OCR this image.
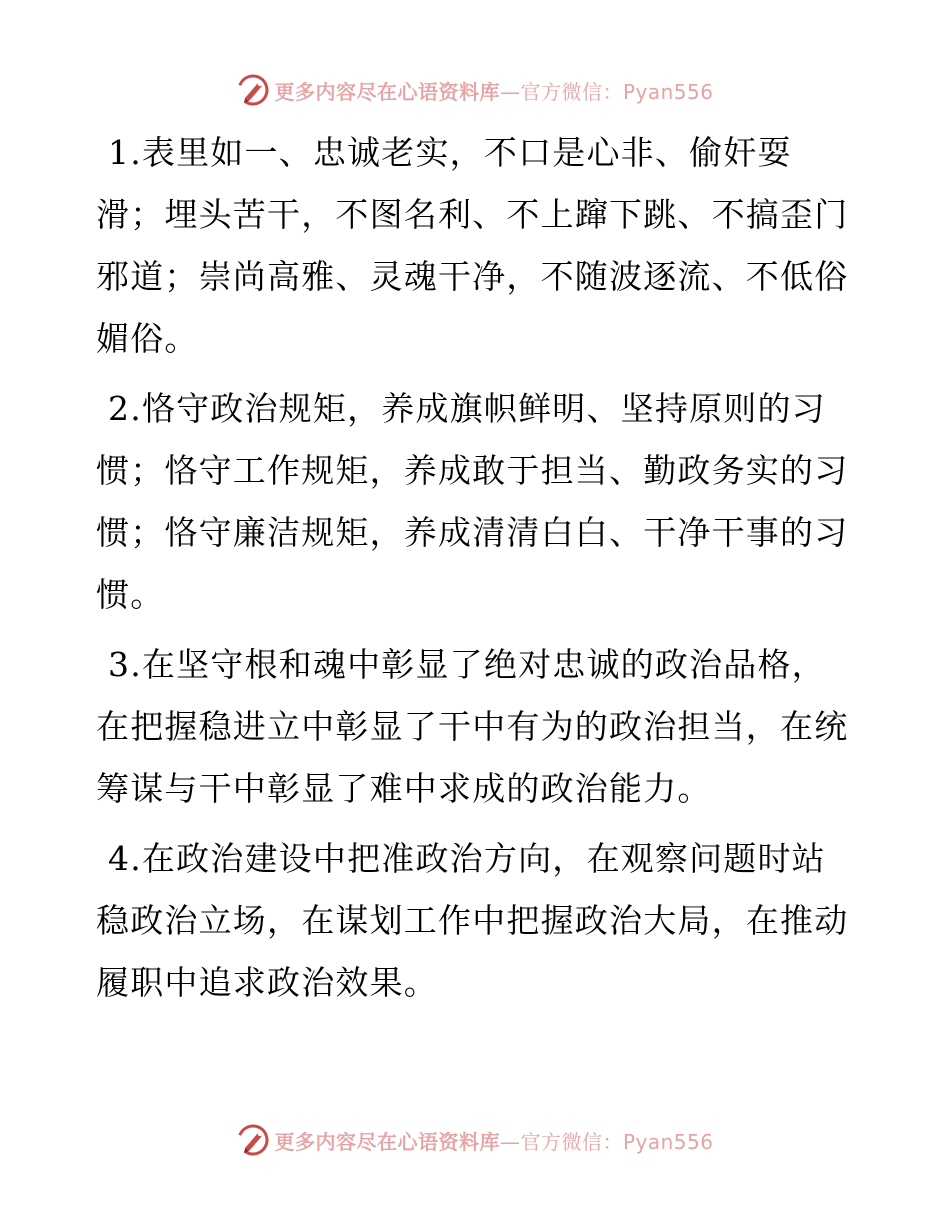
更多内容尽在心语资料库 —官方微信：Pyan556

1.表里如一、忠诚老实，不口是心非、偷奸耍
滑；埋头苦干，不图名利、不上蹿下跳、不搞歪门
邪道；崇尚高雅、灵魂干净，不随波逐流、不低俗
媚俗。

2.恪守政治规矩，养成旗帜鲜明、坚持原则的习
惯；恪守工作规矩，养成敢于担当、勤政务实的习
惯；恪守廉洁规矩，养成清清白白、干净干事的习
惯。

3.在坚守根和魂中彰显了绝对忠诚的政治品格，
在把握稳进立中彰显了干中有为的政治担当，在统
筹谋与干中彰显了难中求成的政治能力。

4.在政治建设中把准政治方向，在观察问题时站
稳政治立场，在谋划工作中把握政治大局，在推动
履职中追求政治效果。

更多内容尽在心语资料库 —官方微信：Pyan556
